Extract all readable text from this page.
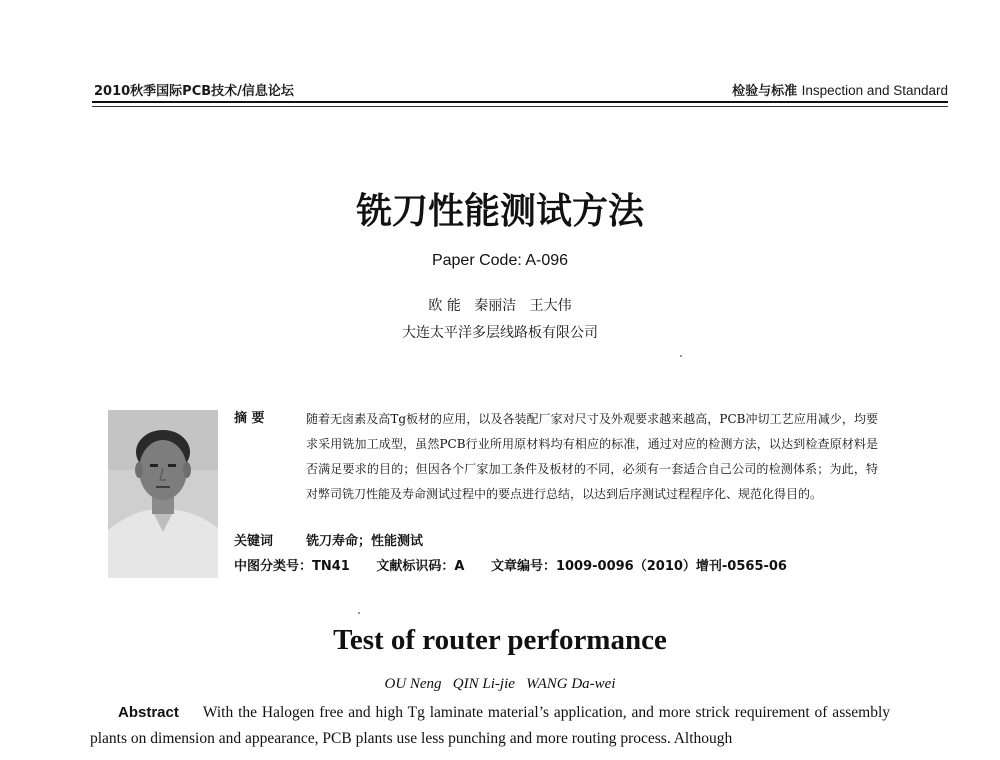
2010秋季国际PCB技术/信息论坛	检验与标准 Inspection and Standard
铣刀性能测试方法
Paper Code: A-096
欧 能   秦丽洁   王大伟
大连太平洋多层线路板有限公司
摘 要	随着无卤素及高Tg板材的应用，以及各装配厂家对尺寸及外观要求越来越高，PCB冲切工艺应用减少，均要求采用铣加工成型，虽然PCB行业所用原材料均有相应的标准，通过对应的检测方法，以达到检查原材料是否满足要求的目的；但因各个厂家加工条件及板材的不同，必须有一套适合自己公司的检测体系；为此，特对弊司铣刀性能及寿命测试过程中的要点进行总结，以达到后序测试过程程序化、规范化得目的。
关键词	铣刀寿命；性能测试
中图分类号：TN41 文献标识码：A 文章编号：1009-0096（2010）增刊-0565-06
Test of router performance
OU Neng   QIN Li-jie   WANG Da-wei
Abstract With the Halogen free and high Tg laminate material’s application, and more strick requirement of assembly plants on dimension and appearance, PCB plants use less punching and more routing process. Although
